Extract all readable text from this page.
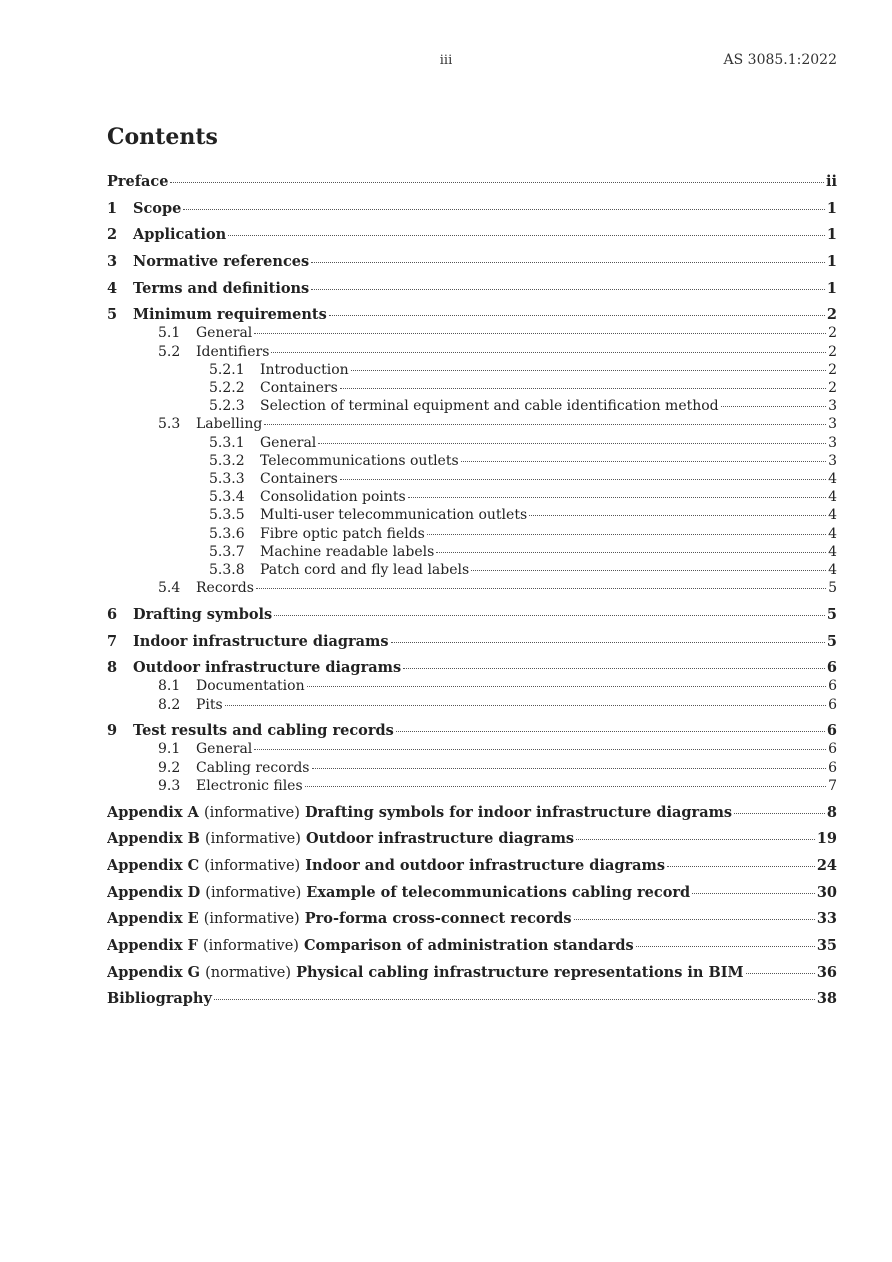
iii	AS 3085.1:2022
Contents
Preface	ii
1	Scope	1
2	Application	1
3	Normative references	1
4	Terms and definitions	1
5	Minimum requirements	2
5.1	General	2
5.2	Identifiers	2
5.2.1	Introduction	2
5.2.2	Containers	2
5.2.3	Selection of terminal equipment and cable identification method	3
5.3	Labelling	3
5.3.1	General	3
5.3.2	Telecommunications outlets	3
5.3.3	Containers	4
5.3.4	Consolidation points	4
5.3.5	Multi-user telecommunication outlets	4
5.3.6	Fibre optic patch fields	4
5.3.7	Machine readable labels	4
5.3.8	Patch cord and fly lead labels	4
5.4	Records	5
6	Drafting symbols	5
7	Indoor infrastructure diagrams	5
8	Outdoor infrastructure diagrams	6
8.1	Documentation	6
8.2	Pits	6
9	Test results and cabling records	6
9.1	General	6
9.2	Cabling records	6
9.3	Electronic files	7
Appendix A (informative) Drafting symbols for indoor infrastructure diagrams	8
Appendix B (informative) Outdoor infrastructure diagrams	19
Appendix C (informative) Indoor and outdoor infrastructure diagrams	24
Appendix D (informative) Example of telecommunications cabling record	30
Appendix E (informative) Pro-forma cross-connect records	33
Appendix F (informative) Comparison of administration standards	35
Appendix G (normative) Physical cabling infrastructure representations in BIM	36
Bibliography	38
